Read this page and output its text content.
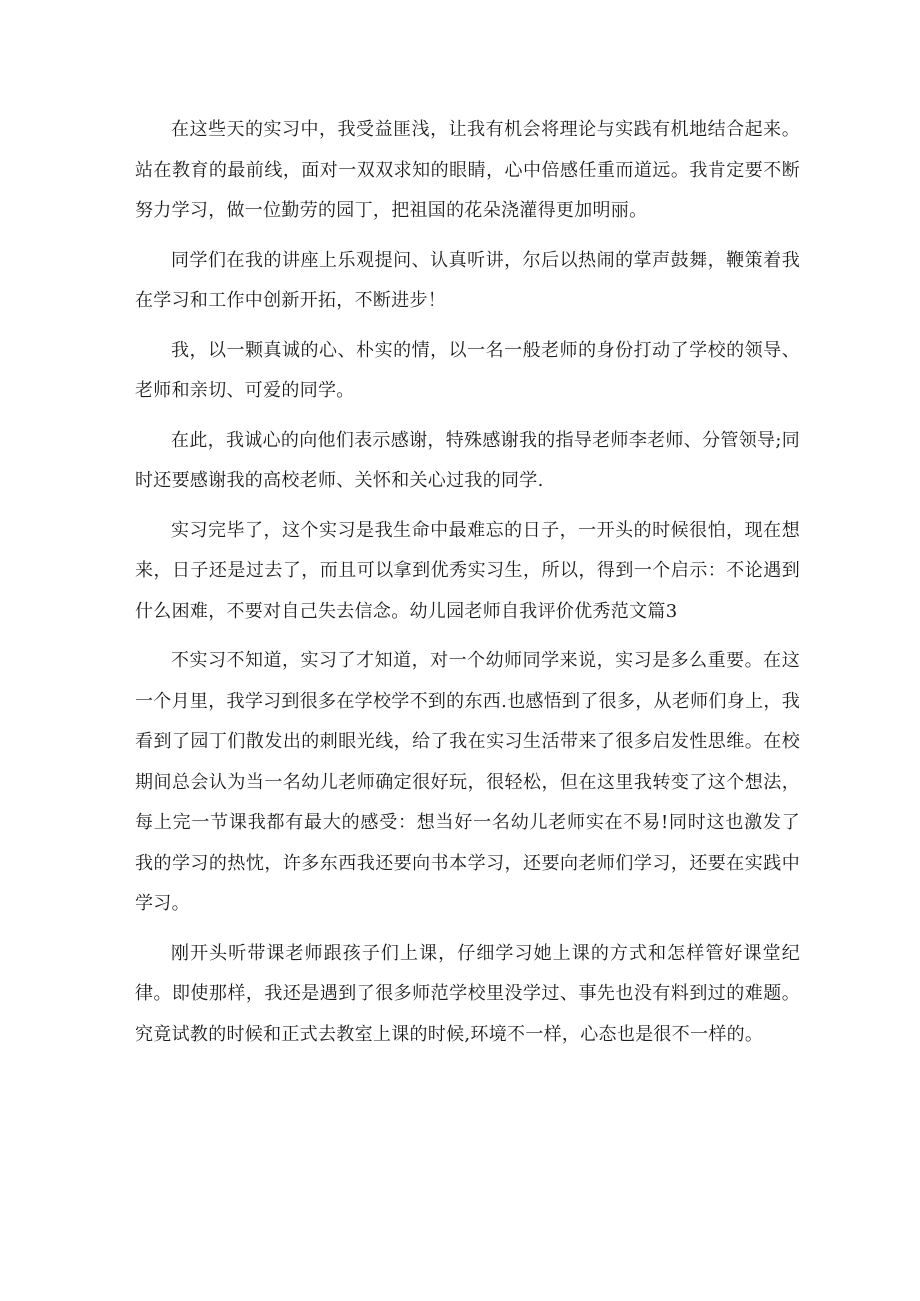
在这些天的实习中，我受益匪浅，让我有机会将理论与实践有机地结合起来。站在教育的最前线，面对一双双求知的眼睛，心中倍感任重而道远。我肯定要不断努力学习，做一位勤劳的园丁，把祖国的花朵浇灌得更加明丽。

同学们在我的讲座上乐观提问、认真听讲，尔后以热闹的掌声鼓舞，鞭策着我在学习和工作中创新开拓，不断进步！

我，以一颗真诚的心、朴实的情，以一名一般老师的身份打动了学校的领导、老师和亲切、可爱的同学。

在此，我诚心的向他们表示感谢，特殊感谢我的指导老师李老师、分管领导;同时还要感谢我的高校老师、关怀和关心过我的同学.

实习完毕了，这个实习是我生命中最难忘的日子，一开头的时候很怕，现在想来，日子还是过去了，而且可以拿到优秀实习生，所以，得到一个启示：不论遇到什么困难，不要对自己失去信念。幼儿园老师自我评价优秀范文篇3

不实习不知道，实习了才知道，对一个幼师同学来说，实习是多么重要。在这一个月里，我学习到很多在学校学不到的东西.也感悟到了很多，从老师们身上，我看到了园丁们散发出的刺眼光线，给了我在实习生活带来了很多启发性思维。在校期间总会认为当一名幼儿老师确定很好玩，很轻松，但在这里我转变了这个想法，每上完一节课我都有最大的感受：想当好一名幼儿老师实在不易!同时这也激发了我的学习的热忱，许多东西我还要向书本学习，还要向老师们学习，还要在实践中学习。

刚开头听带课老师跟孩子们上课，仔细学习她上课的方式和怎样管好课堂纪律。即使那样，我还是遇到了很多师范学校里没学过、事先也没有料到过的难题。究竟试教的时候和正式去教室上课的时候,环境不一样，心态也是很不一样的。
